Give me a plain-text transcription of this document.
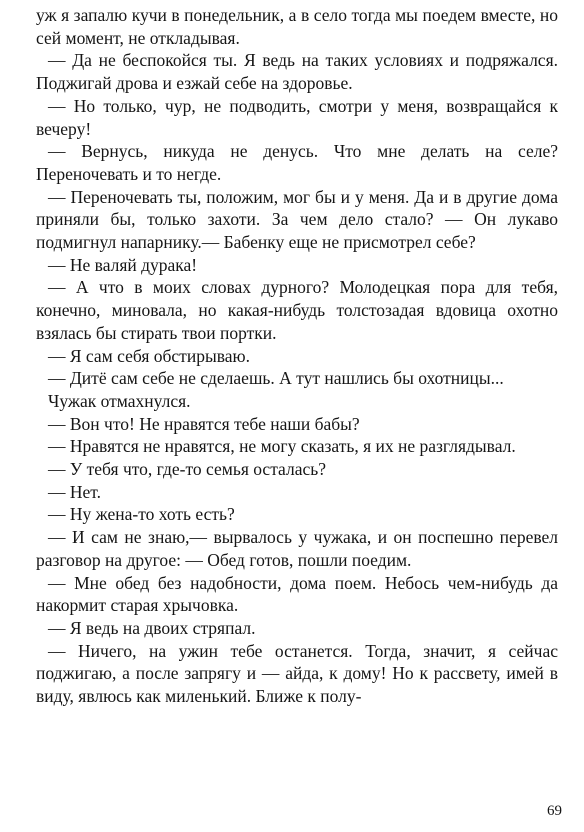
уж я запалю кучи в понедельник, а в село тогда мы поедем вместе, но сей момент, не откладывая.

— Да не беспокойся ты. Я ведь на таких условиях и подряжался. Поджигай дрова и езжай себе на здоровье.

— Но только, чур, не подводить, смотри у меня, возвращайся к вечеру!

— Вернусь, никуда не денусь. Что мне делать на селе? Переночевать и то негде.

— Переночевать ты, положим, мог бы и у меня. Да и в другие дома приняли бы, только захоти. За чем дело стало? — Он лукаво подмигнул напарнику.— Бабенку еще не присмотрел себе?

— Не валяй дурака!

— А что в моих словах дурного? Молодецкая пора для тебя, конечно, миновала, но какая-нибудь толстозадая вдовица охотно взялась бы стирать твои портки.

— Я сам себя обстирываю.

— Дитё сам себе не сделаешь. А тут нашлись бы охотницы...

Чужак отмахнулся.

— Вон что! Не нравятся тебе наши бабы?

— Нравятся не нравятся, не могу сказать, я их не разглядывал.

— У тебя что, где-то семья осталась?

— Нет.

— Ну жена-то хоть есть?

— И сам не знаю,— вырвалось у чужака, и он поспешно перевел разговор на другое: — Обед готов, пошли поедим.

— Мне обед без надобности, дома поем. Небось чем-нибудь да накормит старая хрычовка.

— Я ведь на двоих стряпал.

— Ничего, на ужин тебе останется. Тогда, значит, я сейчас поджигаю, а после запрягу и — айда, к дому! Но к рассвету, имей в виду, явлюсь как миленький. Ближе к полу-

69
